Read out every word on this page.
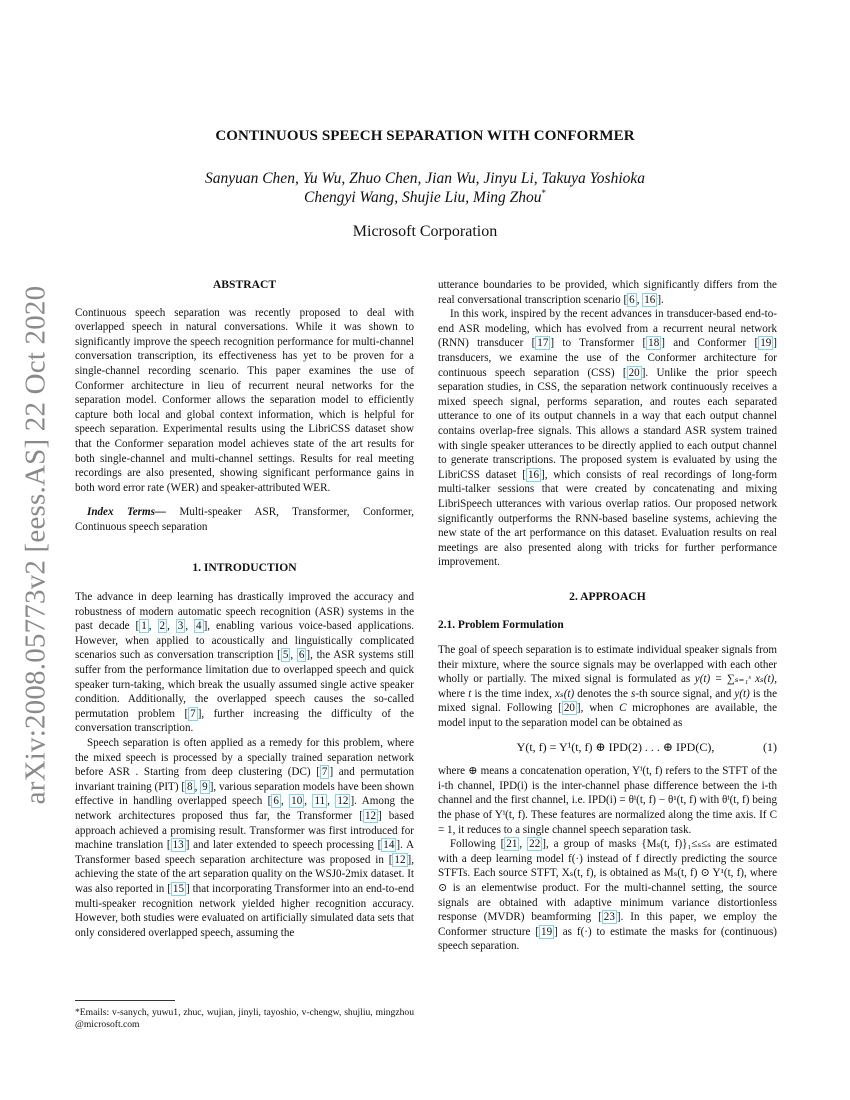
arXiv:2008.05773v2 [eess.AS] 22 Oct 2020
CONTINUOUS SPEECH SEPARATION WITH CONFORMER
Sanyuan Chen, Yu Wu, Zhuo Chen, Jian Wu, Jinyu Li, Takuya Yoshioka
Chengyi Wang, Shujie Liu, Ming Zhou*
Microsoft Corporation

ABSTRACT

Continuous speech separation was recently proposed to deal with overlapped speech in natural conversations. While it was shown to significantly improve the speech recognition performance for multi-channel conversation transcription, its effectiveness has yet to be proven for a single-channel recording scenario. This paper examines the use of Conformer architecture in lieu of recurrent neural networks for the separation model. Conformer allows the separation model to efficiently capture both local and global context information, which is helpful for speech separation. Experimental results using the LibriCSS dataset show that the Conformer separation model achieves state of the art results for both single-channel and multi-channel settings. Results for real meeting recordings are also presented, showing significant performance gains in both word error rate (WER) and speaker-attributed WER.

Index Terms— Multi-speaker ASR, Transformer, Conformer, Continuous speech separation

1. INTRODUCTION

The advance in deep learning has drastically improved the accuracy and robustness of modern automatic speech recognition (ASR) systems in the past decade [ 1 , 2 , 3 , 4 ], enabling various voice-based applications. However, when applied to acoustically and linguistically complicated scenarios such as conversation transcription [ 5 , 6 ], the ASR systems still suffer from the performance limitation due to overlapped speech and quick speaker turn-taking, which break the usually assumed single active speaker condition. Additionally, the overlapped speech causes the so-called permutation problem [ 7 ], further increasing the difficulty of the conversation transcription.

Speech separation is often applied as a remedy for this problem, where the mixed speech is processed by a specially trained separation network before ASR . Starting from deep clustering (DC) [ 7 ] and permutation invariant training (PIT) [ 8 , 9 ], various separation models have been shown effective in handling overlapped speech [ 6 , 10 , 11 , 12 ]. Among the network architectures proposed thus far, the Transformer [ 12 ] based approach achieved a promising result. Transformer was first introduced for machine translation [ 13 ] and later extended to speech processing [ 14 ]. A Transformer based speech separation architecture was proposed in [ 12 ], achieving the state of the art separation quality on the WSJ0-2mix dataset. It was also reported in [ 15 ] that incorporating Transformer into an end-to-end multi-speaker recognition network yielded higher recognition accuracy. However, both studies were evaluated on artificially simulated data sets that only considered overlapped speech, assuming the

*Emails: v-sanych, yuwu1, zhuc, wujian, jinyli, tayoshio, v-chengw, shujliu, mingzhou @microsoft.com

utterance boundaries to be provided, which significantly differs from the real conversational transcription scenario [ 6 , 16 ].

In this work, inspired by the recent advances in transducer-based end-to-end ASR modeling, which has evolved from a recurrent neural network (RNN) transducer [ 17 ] to Transformer [ 18 ] and Conformer [ 19 ] transducers, we examine the use of the Conformer architecture for continuous speech separation (CSS) [ 20 ]. Unlike the prior speech separation studies, in CSS, the separation network continuously receives a mixed speech signal, performs separation, and routes each separated utterance to one of its output channels in a way that each output channel contains overlap-free signals. This allows a standard ASR system trained with single speaker utterances to be directly applied to each output channel to generate transcriptions. The proposed system is evaluated by using the LibriCSS dataset [ 16 ], which consists of real recordings of long-form multi-talker sessions that were created by concatenating and mixing LibriSpeech utterances with various overlap ratios. Our proposed network significantly outperforms the RNN-based baseline systems, achieving the new state of the art performance on this dataset. Evaluation results on real meetings are also presented along with tricks for further performance improvement.

2. APPROACH

2.1. Problem Formulation

The goal of speech separation is to estimate individual speaker signals from their mixture, where the source signals may be overlapped with each other wholly or partially. The mixed signal is formulated as y(t) = ∑ₛ₌₁ˢ xₛ(t), where t is the time index, xₛ(t) denotes the s-th source signal, and y(t) is the mixed signal. Following [ 20 ], when C microphones are available, the model input to the separation model can be obtained as

Y(t, f) = Y¹(t, f) ⊕ IPD(2) . . . ⊕ IPD(C),	(1)

where ⊕ means a concatenation operation, Yⁱ(t, f) refers to the STFT of the i-th channel, IPD(i) is the inter-channel phase difference between the i-th channel and the first channel, i.e. IPD(i) = θⁱ(t, f) − θ¹(t, f) with θⁱ(t, f) being the phase of Yⁱ(t, f). These features are normalized along the time axis. If C = 1, it reduces to a single channel speech separation task.

Following [ 21 , 22 ], a group of masks {Mₛ(t, f)}₁≤ₛ≤ₛ are estimated with a deep learning model f(·) instead of f directly predicting the source STFTs. Each source STFT, Xₛ(t, f), is obtained as Mₛ(t, f) ⊙ Y¹(t, f), where ⊙ is an elementwise product. For the multi-channel setting, the source signals are obtained with adaptive minimum variance distortionless response (MVDR) beamforming [ 23 ]. In this paper, we employ the Conformer structure [ 19 ] as f(·) to estimate the masks for (continuous) speech separation.
